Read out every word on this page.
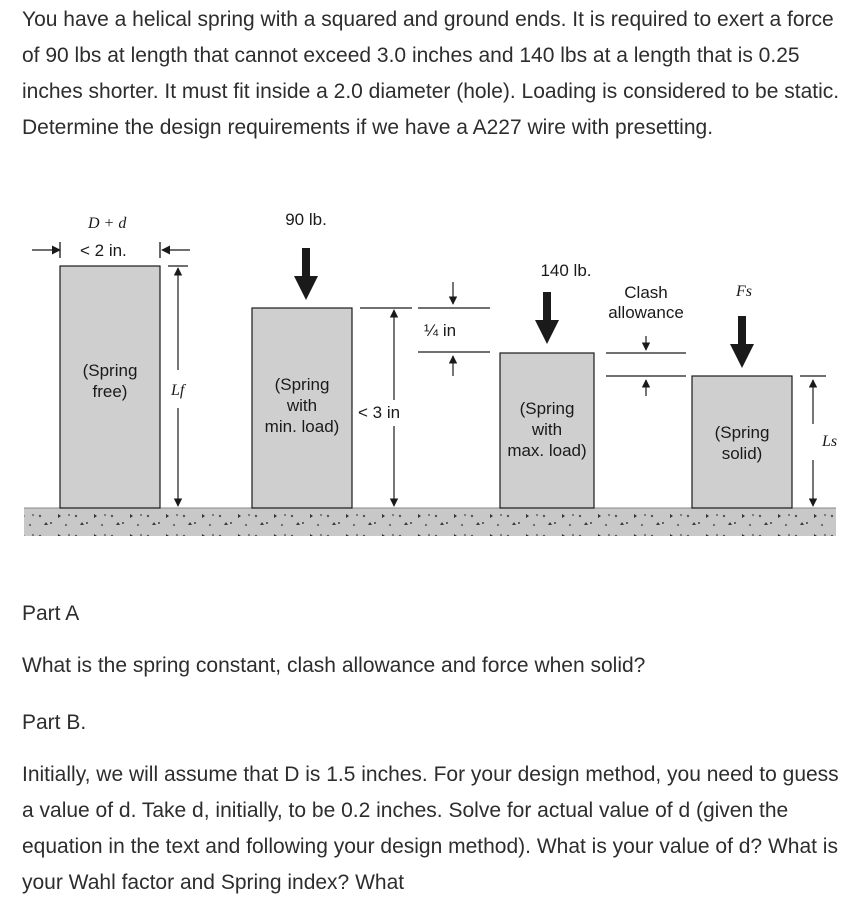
You have a helical spring with a squared and ground ends. It is required to exert a force of 90 lbs at length that cannot exceed 3.0 inches and 140 lbs at a length that is 0.25 inches shorter. It must fit inside a 2.0 diameter (hole). Loading is considered to be static. Determine the design requirements if we have a A227 wire with presetting.

(Spring
free)
D + d
< 2 in.
Lf	(Spring
with
min. load)
90 lb.
< 3 in
¼ in
(Spring
with
max. load)
140 lb.
Clash
allowance
(Spring
solid)
Fs
Ls

Part A

What is the spring constant, clash allowance and force when solid?

Part B.

Initially, we will assume that D is 1.5 inches. For your design method, you need to guess a value of d. Take d, initially, to be 0.2 inches. Solve for actual value of d (given the equation in the text and following your design method). What is your value of d? What is your Wahl factor and Spring index? What
